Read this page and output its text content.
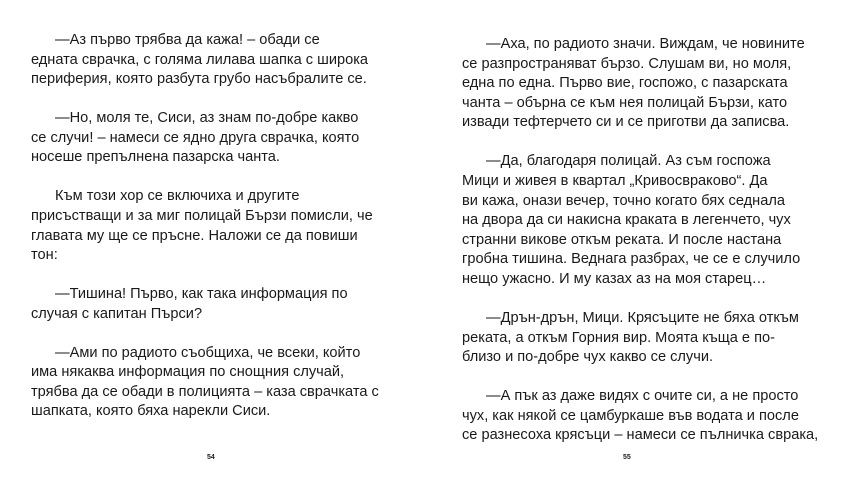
—Аз първо трябва да кажа! – обади се
едната сврачка, с голяма лилава шапка с широка
периферия, която разбута грубо насъбралите се.
—Но, моля те, Сиси, аз знам по-добре какво
се случи! – намеси се ядно друга сврачка, която
носеше препълнена пазарска чанта.
Към този хор се включиха и другите
присъстващи и за миг полицай Бързи помисли, че
главата му ще се пръсне. Наложи се да повиши
тон:
—Тишина! Първо, как така информация по
случая с капитан Пърси?
—Ами по радиото съобщиха, че всеки, който
има някаква информация по снощния случай,
трябва да се обади в полицията – каза сврачката с
шапката, която бяха нарекли Сиси.
54
—Аха, по радиото значи. Виждам, че новините
се разпространяват бързо. Слушам ви, но моля,
една по една. Първо вие, госпожо, с пазарската
чанта – обърна се към нея полицай Бързи, като
извади тефтерчето си и се приготви да записва.
—Да, благодаря полицай. Аз съм госпожа
Мици и живея в квартал „Кривосвраково“. Да
ви кажа, онази вечер, точно когато бях седнала
на двора да си накисна краката в легенчето, чух
странни викове откъм реката. И после настана
гробна тишина. Веднага разбрах, че се е случило
нещо ужасно. И му казах аз на моя старец…
—Дрън-дрън, Мици. Крясъците не бяха откъм
реката, а откъм Горния вир. Моята къща е по-
близо и по-добре чух какво се случи.
—А пък аз даже видях с очите си, а не просто
чух, как някой се цамбуркаше във водата и после
се разнесоха крясъци – намеси се пълничка сврака,
55
